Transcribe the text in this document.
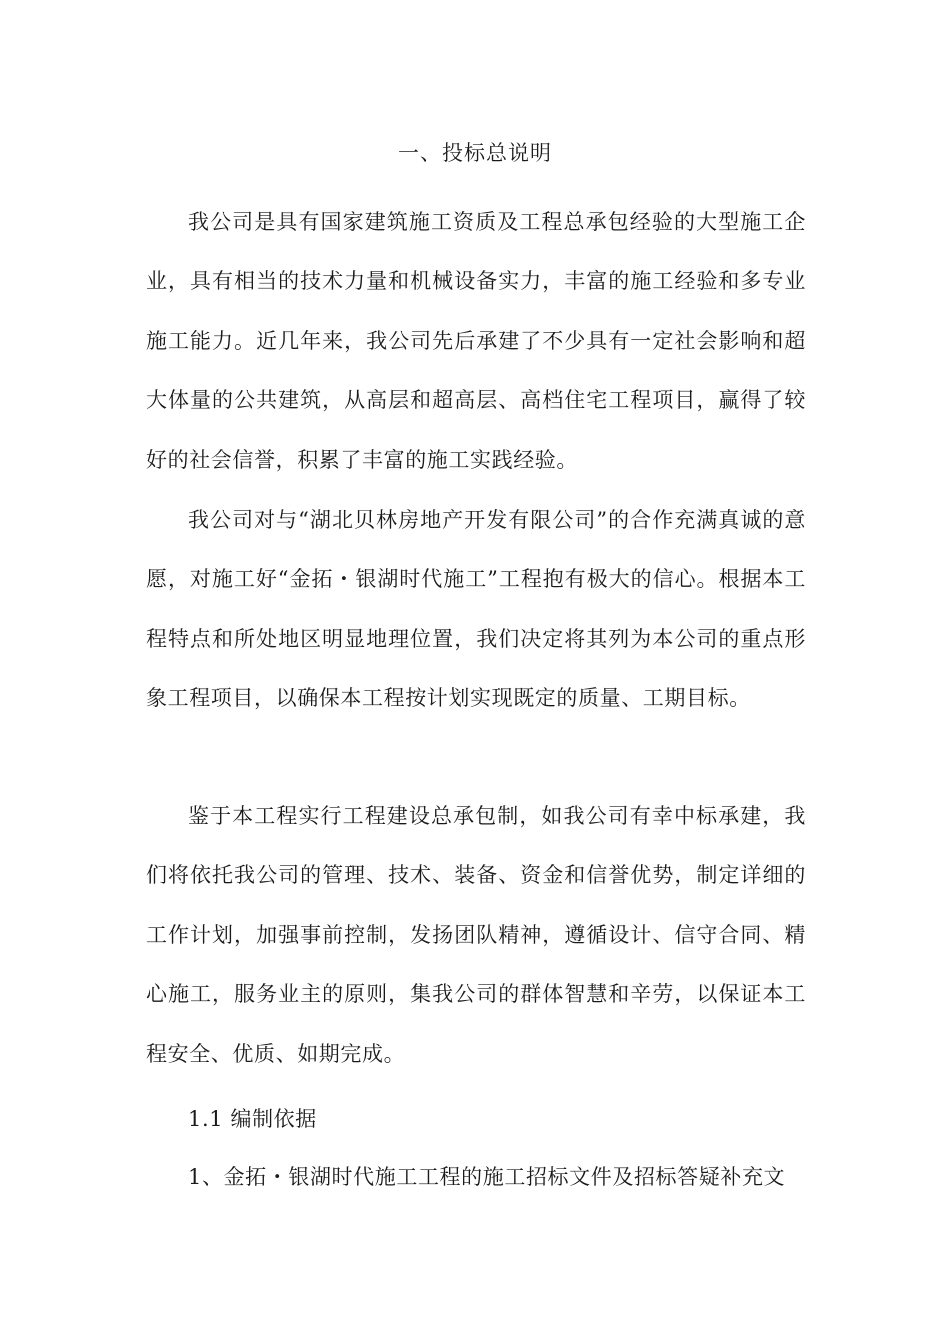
一、投标总说明

我公司是具有国家建筑施工资质及工程总承包经验的大型施工企业，具有相当的技术力量和机械设备实力，丰富的施工经验和多专业施工能力。近几年来，我公司先后承建了不少具有一定社会影响和超大体量的公共建筑，从高层和超高层、高档住宅工程项目，赢得了较好的社会信誉，积累了丰富的施工实践经验。

我公司对与“湖北贝林房地产开发有限公司”的合作充满真诚的意愿，对施工好“金拓・银湖时代施工”工程抱有极大的信心。根据本工程特点和所处地区明显地理位置，我们决定将其列为本公司的重点形象工程项目，以确保本工程按计划实现既定的质量、工期目标。

鉴于本工程实行工程建设总承包制，如我公司有幸中标承建，我们将依托我公司的管理、技术、装备、资金和信誉优势，制定详细的工作计划，加强事前控制，发扬团队精神，遵循设计、信守合同、精心施工，服务业主的原则，集我公司的群体智慧和辛劳，以保证本工程安全、优质、如期完成。

1.1 编制依据
1、金拓・银湖时代施工工程的施工招标文件及招标答疑补充文
